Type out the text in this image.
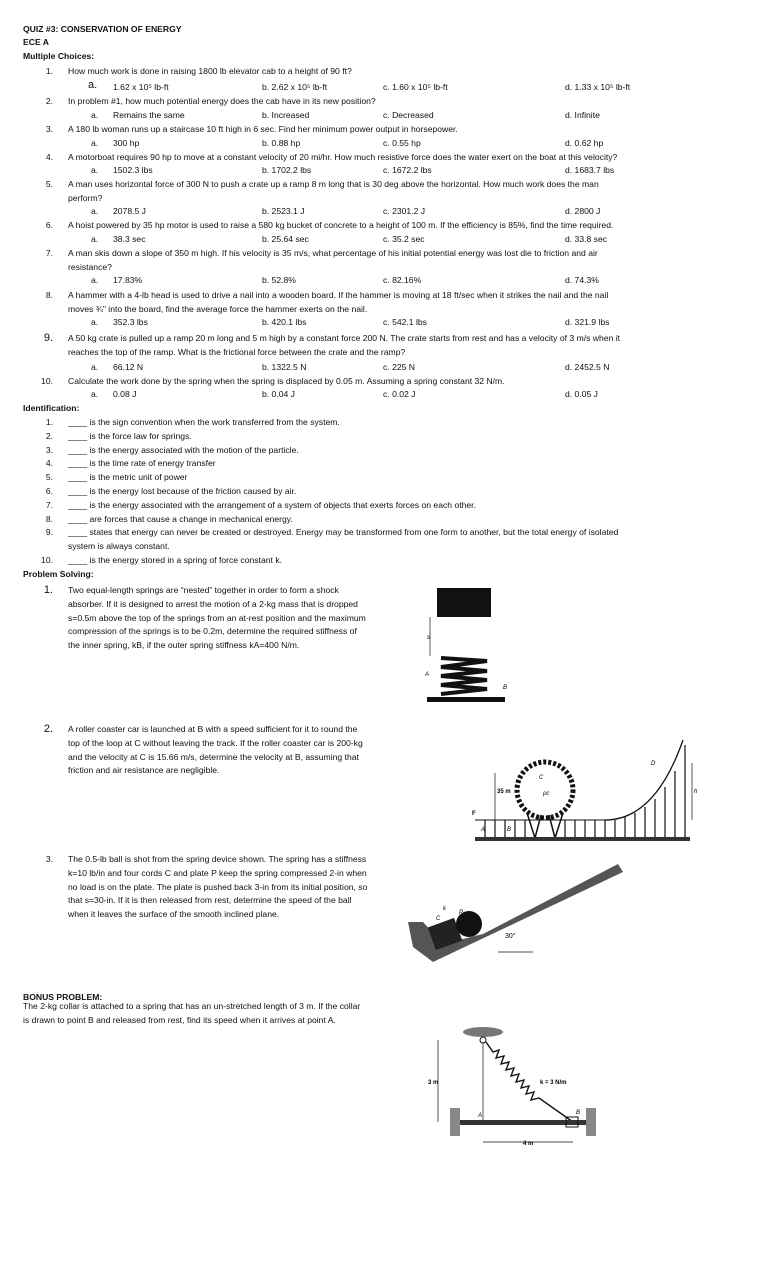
QUIZ #3: CONSERVATION OF ENERGY
ECE A
Multiple Choices:
1. How much work is done in raising 1800 lb elevator cab to a height of 90 ft?
a. 1.62 x 10⁵ lb-ft	b. 2.62 x 10⁵ lb-ft	c. 1.60 x 10⁵ lb-ft	d. 1.33 x 10⁵ lb-ft
2. In problem #1, how much potential energy does the cab have in its new position?
a. Remains the same	b. Increased	c. Decreased	d. Infinite
3. A 180 lb woman runs up a staircase 10 ft high in 6 sec. Find her minimum power output in horsepower.
a. 300 hp	b. 0.88 hp	c. 0.55 hp	d. 0.62 hp
4. A motorboat requires 90 hp to move at a constant velocity of 20 mi/hr. How much resistive force does the water exert on the boat at this velocity?
a. 1502.3 lbs	b. 1702.2 lbs	c. 1672.2 lbs	d. 1683.7 lbs
5. A man uses horizontal force of 300 N to push a crate up a ramp 8 m long that is 30 deg above the horizontal. How much work does the man
perform?
a. 2078.5 J	b. 2523.1 J	c. 2301.2 J	d. 2800 J
6. A hoist powered by 35 hp motor is used to raise a 580 kg bucket of concrete to a height of 100 m. If the efficiency is 85%, find the time required.
a. 38.3 sec	b. 25.64 sec	c. 35.2 sec	d. 33.8 sec
7. A man skis down a slope of 350 m high. If his velocity is 35 m/s, what percentage of his initial potential energy was lost die to friction and air
resistance?
a. 17.83%	b. 52.8%	c. 82.16%	d. 74.3%
8. A hammer with a 4-lb head is used to drive a nail into a wooden board. If the hammer is moving at 18 ft/sec when it strikes the nail and the nail
moves ¾" into the board, find the average force the hammer exerts on the nail.
a. 352.3 lbs	b. 420.1 lbs	c. 542.1 lbs	d. 321.9 lbs
9. A 50 kg crate is pulled up a ramp 20 m long and 5 m high by a constant force 200 N. The crate starts from rest and has a velocity of 3 m/s when it
reaches the top of the ramp. What is the frictional force between the crate and the ramp?
a. 66.12 N	b. 1322.5 N	c. 225 N	d. 2452.5 N
10. Calculate the work done by the spring when the spring is displaced by 0.05 m. Assuming a spring constant 32 N/m.
a. 0.08 J	b. 0.04 J	c. 0.02 J	d. 0.05 J
Identification:
1. ____ is the sign convention when the work transferred from the system.
2. ____ is the force law for springs.
3. ____ is the energy associated with the motion of the particle.
4. ____ is the time rate of energy transfer
5. ____ is the metric unit of power
6. ____ is the energy lost because of the friction caused by air.
7. ____ is the energy associated with the arrangement of a system of objects that exerts forces on each other.
8. ____ are forces that cause a change in mechanical energy.
9. ____ states that energy can never be created or destroyed. Energy may be transformed from one form to another, but the total energy of isolated
system is always constant.
10. ____ is the energy stored in a spring of force constant k.
Problem Solving:
1. Two equal-length springs are “nested” together in order to form a shock absorber. If it is designed to arrest the motion of a 2-kg mass that is dropped s=0.5m above the top of the springs from an at-rest position and the maximum compression of the springs is to be 0.2m, determine the required stiffness of the inner spring, kB, if the outer spring stiffness kA=400 N/m.
2. A roller coaster car is launched at B with a speed sufficient for it to round the top of the loop at C without leaving the track. If the roller coaster car is 200-kg and the velocity at C is 15.66 m/s, determine the velocity at B, assuming that friction and air resistance are negligible.
3. The 0.5-lb ball is shot from the spring device shown. The spring has a stiffness k=10 lb/in and four cords C and plate P keep the spring compressed 2-in when no load is on the plate. The plate is pushed back 3-in from its initial position, so that s=30-in. If it is then released from rest, determine the speed of the ball when it leaves the surface of the smooth inclined plane.
BONUS PROBLEM:
The 2-kg collar is attached to a spring that has an un-stretched length of 3 m. If the collar is drawn to point B and released from rest, find its speed when it arrives at point A.
s
A
B
35 m
C
ρc
D
h
A	B
F
30°
k
C
P
3 m	k = 3 N/m
A	B
4 m
